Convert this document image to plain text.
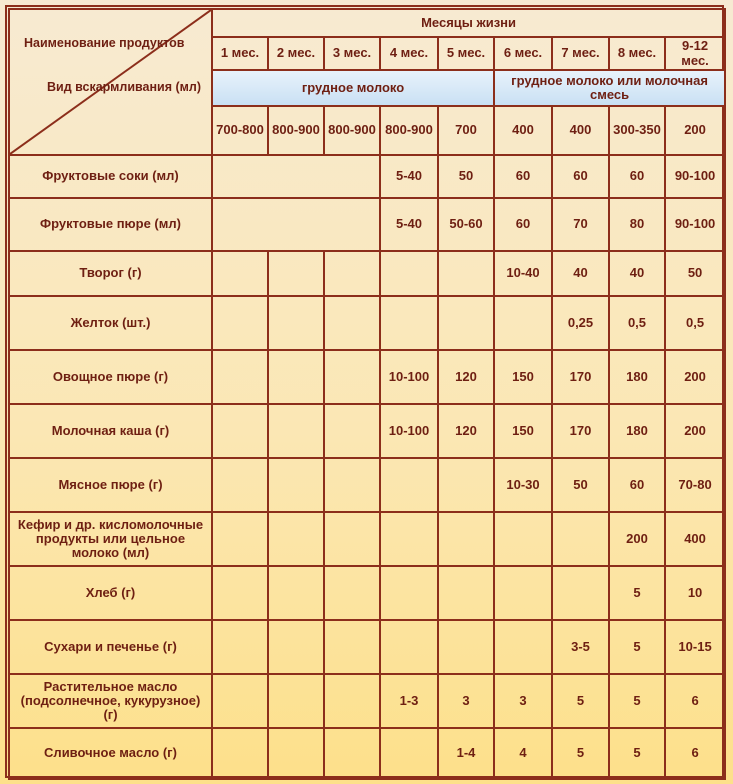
Наименование продуктов
Вид вскармливания (мл)	Месяцы жизни								
	1 мес.	2 мес.	3 мес.	4 мес.	5 мес.	6 мес.	7 мес.	8 мес.	9-12 мес.
	грудное молоко					грудное молоко или молочная смесь			
	700-800	800-900	800-900	800-900	700	400	400	300-350	200
Фруктовые соки (мл)				5-40	50	60	60	60	90-100
Фруктовые пюре (мл)				5-40	50-60	60	70	80	90-100
Творог (г)						10-40	40	40	50
Желток (шт.)							0,25	0,5	0,5
Овощное пюре (г)				10-100	120	150	170	180	200
Молочная каша (г)				10-100	120	150	170	180	200
Мясное пюре (г)						10-30	50	60	70-80
Кефир и др. кисломолочные продукты или цельное молоко (мл)								200	400
Хлеб (г)								5	10
Сухари и печенье (г)							3-5	5	10-15
Растительное масло (подсолнечное, кукурузное) (г)				1-3	3	3	5	5	6
Сливочное масло (г)					1-4	4	5	5	6
